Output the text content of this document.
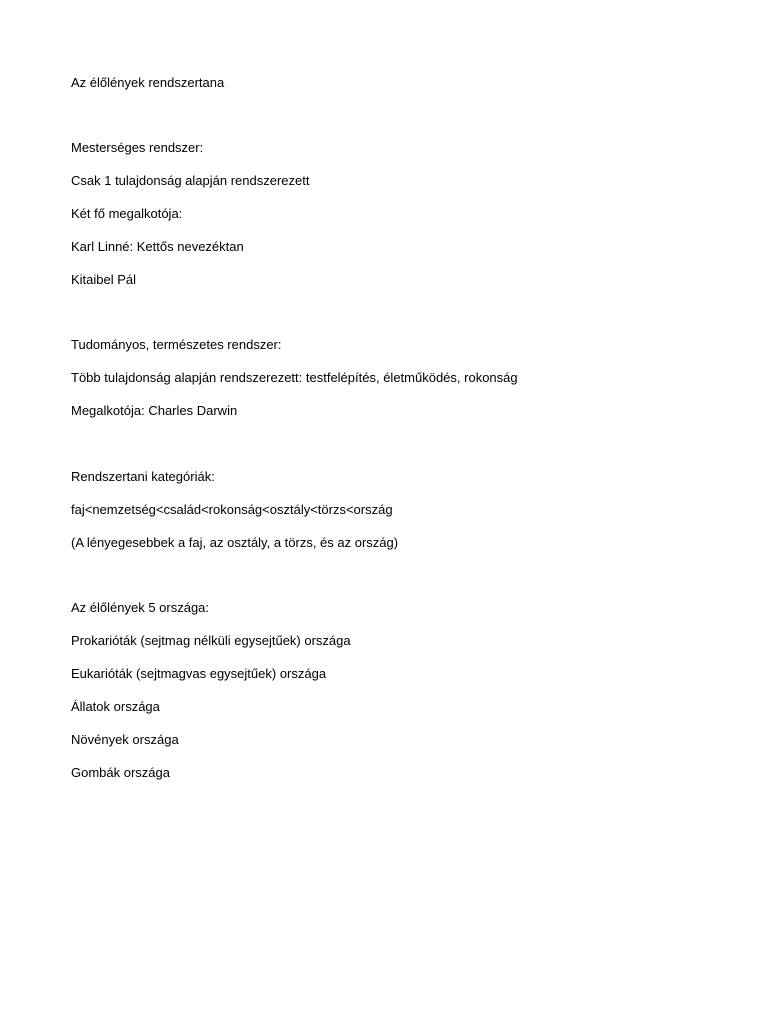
Az élőlények rendszertana

Mesterséges rendszer:

Csak 1 tulajdonság alapján rendszerezett

Két fő megalkotója:

Karl Linné: Kettős nevezéktan

Kitaibel Pál

Tudományos, természetes rendszer:

Több tulajdonság alapján rendszerezett: testfelépítés, életműködés, rokonság

Megalkotója: Charles Darwin

Rendszertani kategóriák:

faj<nemzetség<család<rokonság<osztály<törzs<ország

(A lényegesebbek a faj, az osztály, a törzs, és az ország)

Az élőlények 5 országa:

Prokarióták (sejtmag nélküli egysejtűek) országa

Eukarióták (sejtmagvas egysejtűek) országa

Állatok országa

Növények országa

Gombák országa
